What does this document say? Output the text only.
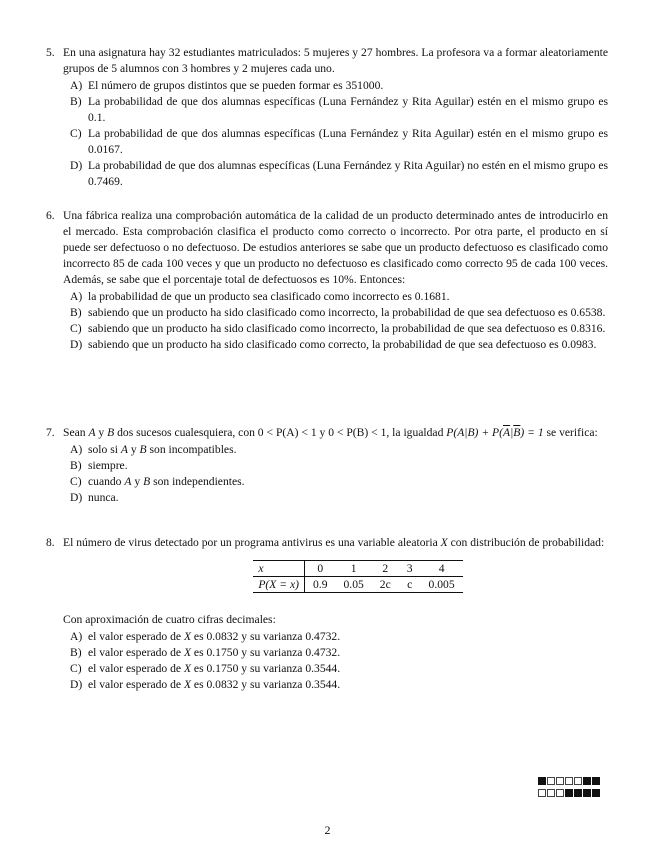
5. En una asignatura hay 32 estudiantes matriculados: 5 mujeres y 27 hombres. La profesora va a formar aleatoriamente grupos de 5 alumnos con 3 hombres y 2 mujeres cada uno.
A) El número de grupos distintos que se pueden formar es 351000.
B) La probabilidad de que dos alumnas específicas (Luna Fernández y Rita Aguilar) estén en el mismo grupo es 0.1.
C) La probabilidad de que dos alumnas específicas (Luna Fernández y Rita Aguilar) estén en el mismo grupo es 0.0167.
D) La probabilidad de que dos alumnas específicas (Luna Fernández y Rita Aguilar) no estén en el mismo grupo es 0.7469.
6. Una fábrica realiza una comprobación automática de la calidad de un producto determinado antes de introducirlo en el mercado. Esta comprobación clasifica el producto como correcto o incorrecto. Por otra parte, el producto en sí puede ser defectuoso o no defectuoso. De estudios anteriores se sabe que un producto defectuoso es clasificado como incorrecto 85 de cada 100 veces y que un producto no defectuoso es clasificado como correcto 95 de cada 100 veces. Además, se sabe que el porcentaje total de defectuosos es 10%. Entonces:
A) la probabilidad de que un producto sea clasificado como incorrecto es 0.1681.
B) sabiendo que un producto ha sido clasificado como incorrecto, la probabilidad de que sea defectuoso es 0.6538.
C) sabiendo que un producto ha sido clasificado como incorrecto, la probabilidad de que sea defectuoso es 0.8316.
D) sabiendo que un producto ha sido clasificado como correcto, la probabilidad de que sea defectuoso es 0.0983.
7. Sean A y B dos sucesos cualesquiera, con 0 < P(A) < 1 y 0 < P(B) < 1, la igualdad $P(A|B) + P(\overline{A}|\overline{B}) = 1$ se verifica:
A) solo si A y B son incompatibles.
B) siempre.
C) cuando A y B son independientes.
D) nunca.
8. El número de virus detectado por un programa antivirus es una variable aleatoria X con distribución de probabilidad:
x	0	1	2	3	4
P(X = x)	0.9	0.05	2c	c	0.005
Con aproximación de cuatro cifras decimales:
A) el valor esperado de X es 0.0832 y su varianza 0.4732.
B) el valor esperado de X es 0.1750 y su varianza 0.4732.
C) el valor esperado de X es 0.1750 y su varianza 0.3544.
D) el valor esperado de X es 0.0832 y su varianza 0.3544.
2
